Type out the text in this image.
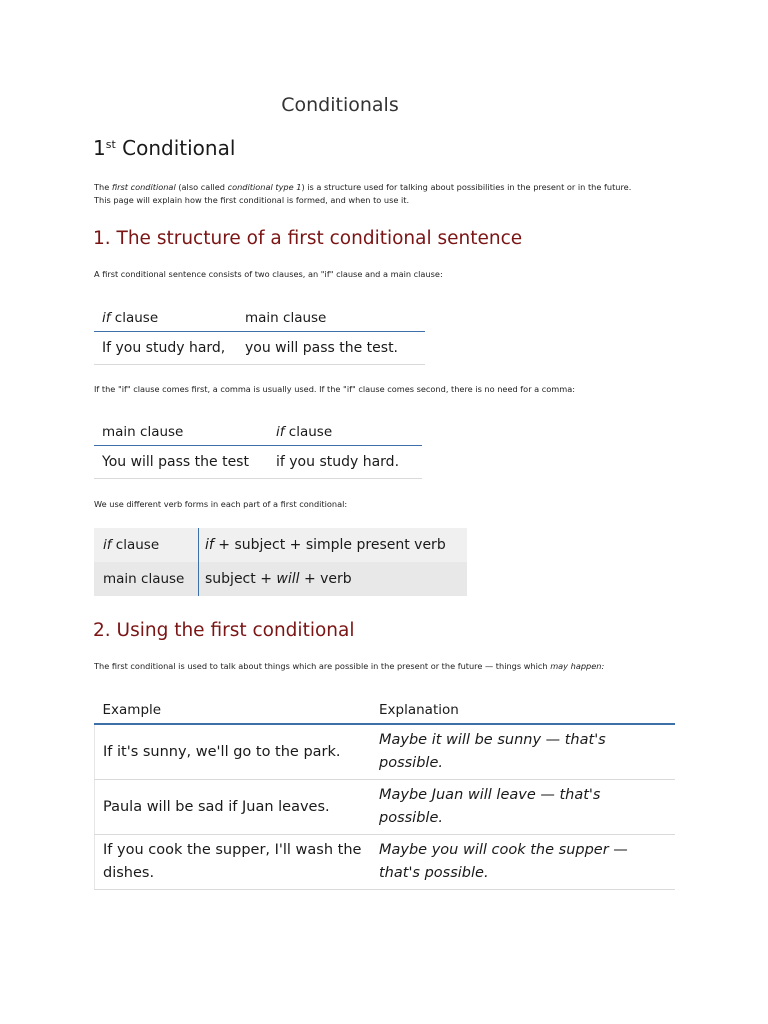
Conditionals
1st Conditional
The first conditional (also called conditional type 1) is a structure used for talking about possibilities in the present or in the future.
This page will explain how the first conditional is formed, and when to use it.
1. The structure of a first conditional sentence
A first conditional sentence consists of two clauses, an "if" clause and a main clause:
if clause	main clause
If you study hard,	you will pass the test.
If the "if" clause comes first, a comma is usually used. If the "if" clause comes second, there is no need for a comma:
main clause	if clause
You will pass the test	if you study hard.
We use different verb forms in each part of a first conditional:
if clause	if + subject + simple present verb
main clause	subject + will + verb
2. Using the first conditional
The first conditional is used to talk about things which are possible in the present or the future — things which may happen:
Example	Explanation
If it's sunny, we'll go to the park.	Maybe it will be sunny — that's possible.
Paula will be sad if Juan leaves.	Maybe Juan will leave — that's possible.
If you cook the supper, I'll wash the dishes.	Maybe you will cook the supper — that's possible.
